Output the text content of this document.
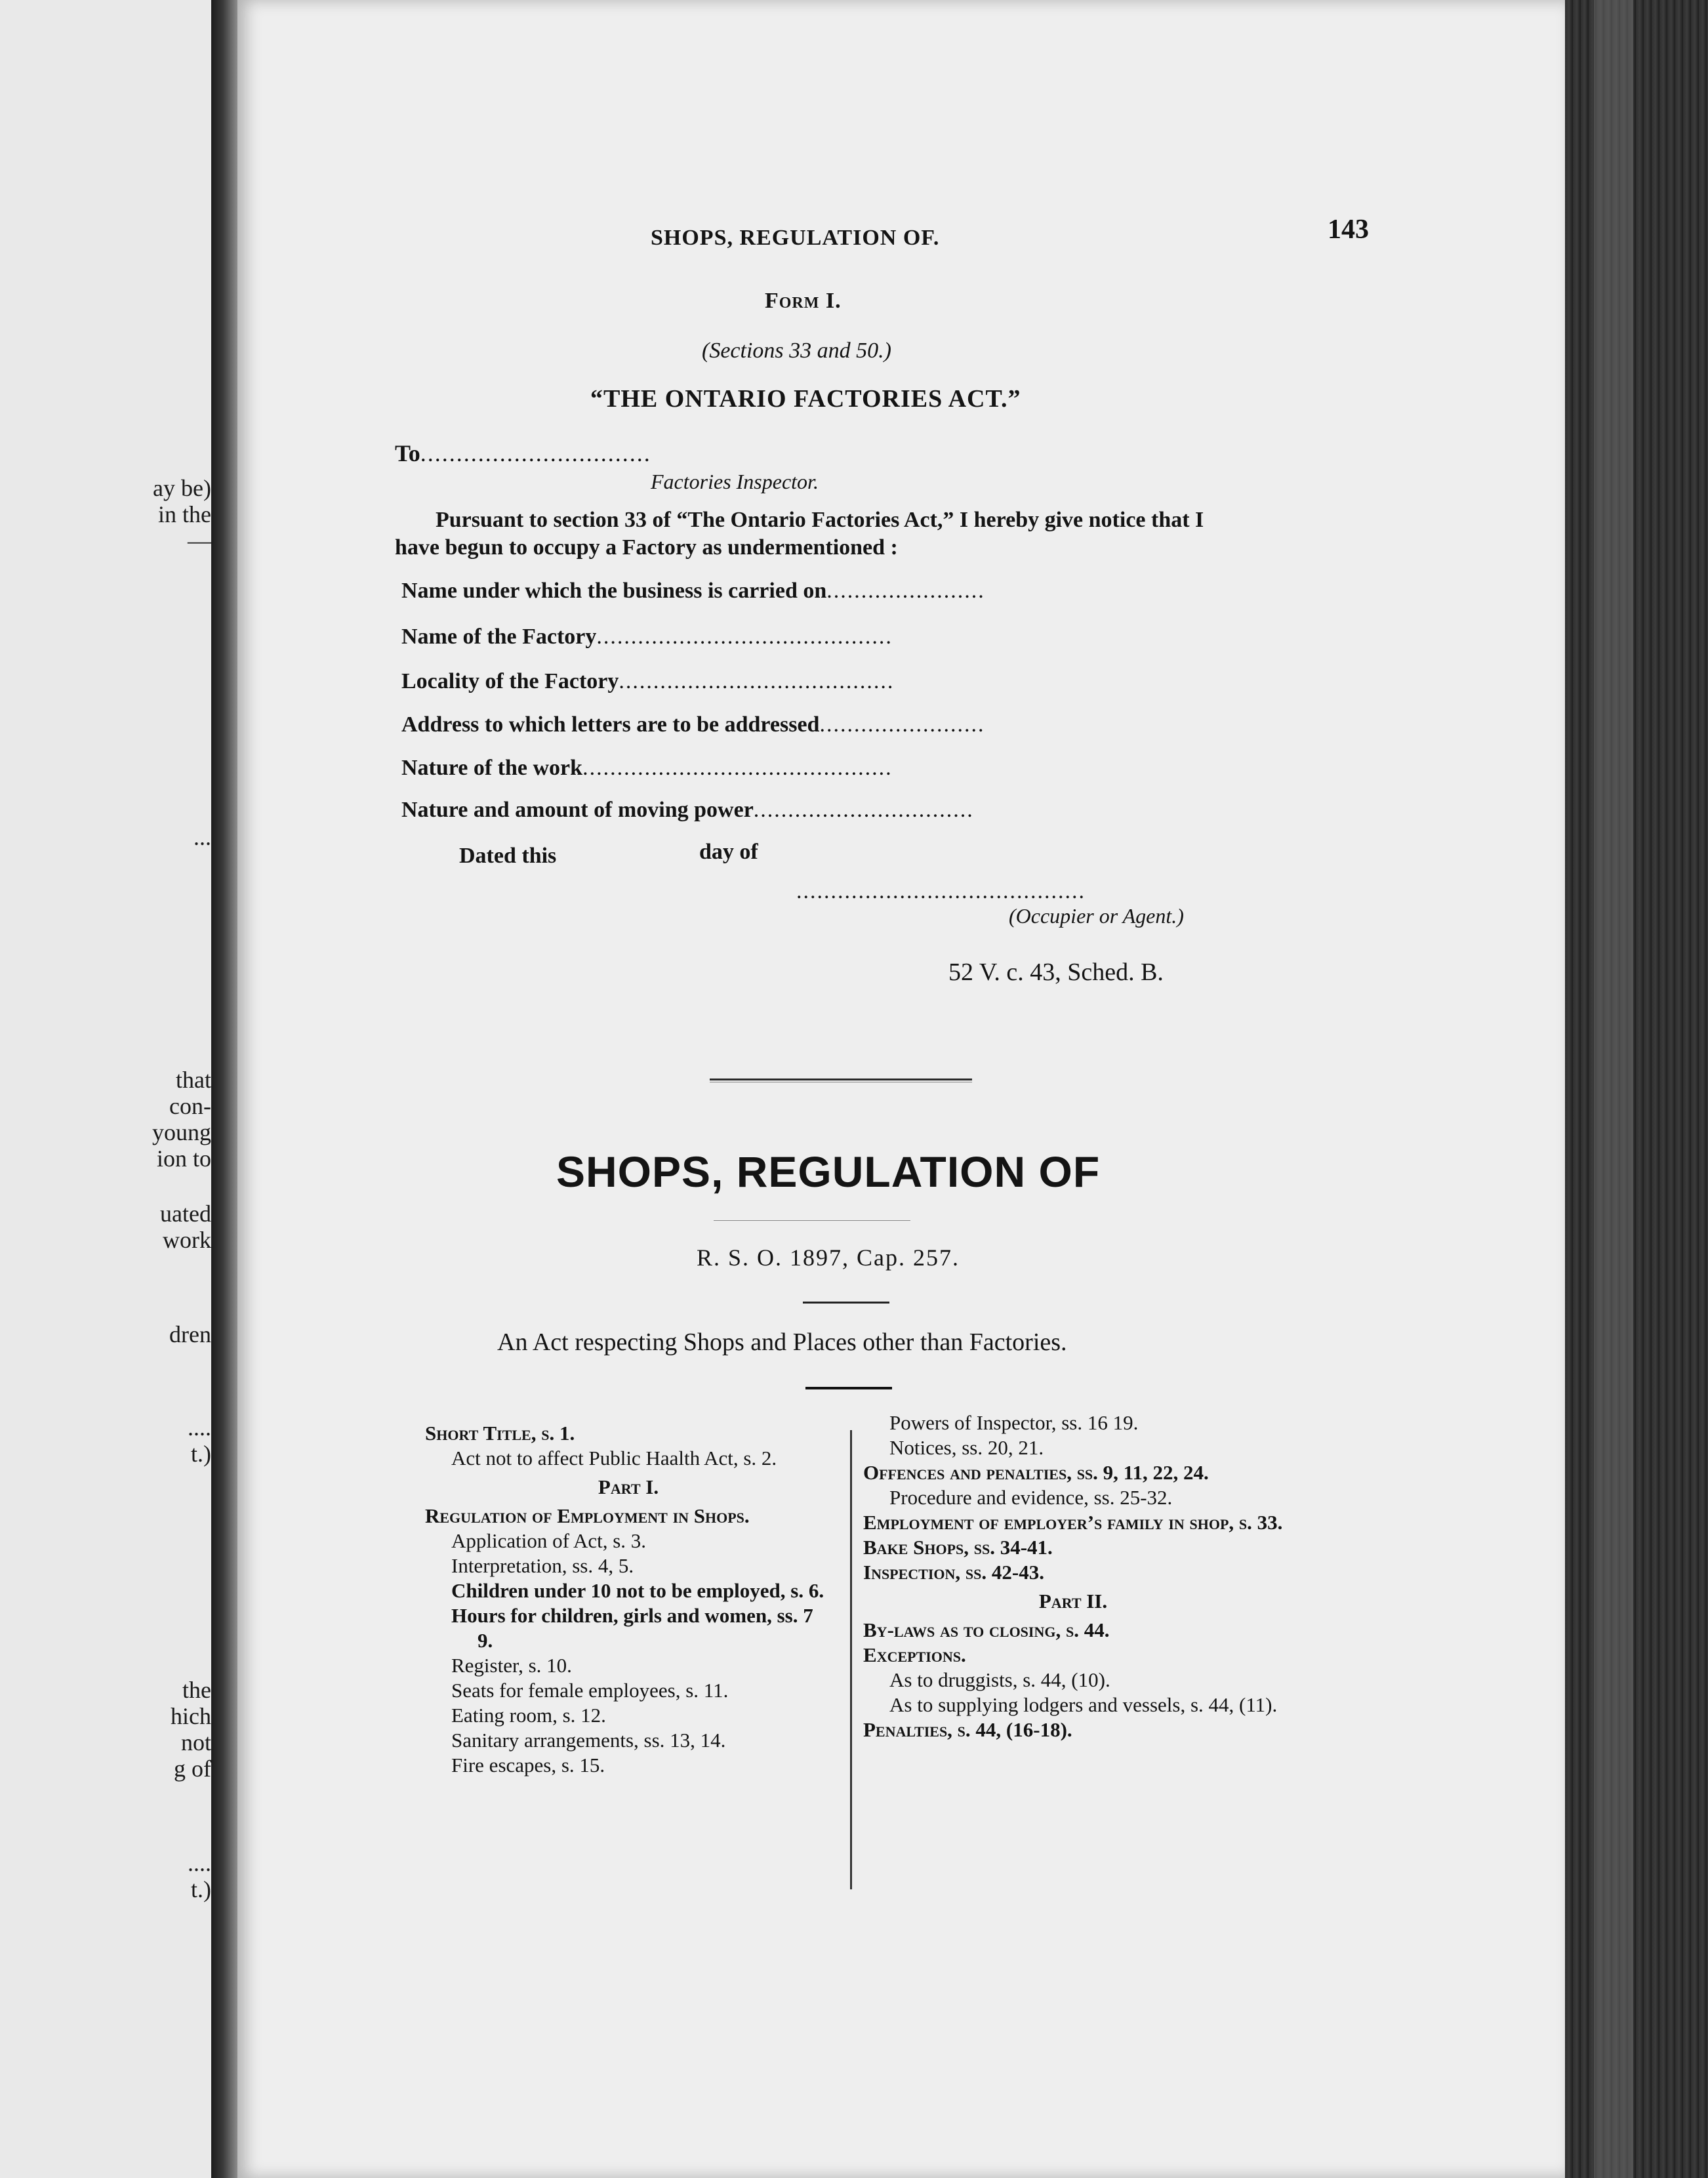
ay be)

in the

—

...

that

con-

young

ion to

uated

work

dren

....

t.)

the

hich

not

g of

....

t.)

SHOPS, REGULATION OF.	143

Form I.

(Sections 33 and 50.)

“THE ONTARIO FACTORIES ACT.”

To................................

Factories Inspector.

Pursuant to section 33 of “The Ontario Factories Act,” I hereby give notice that I have begun to occupy a Factory as undermentioned :

Name under which the business is carried on.......................

Name of the Factory...........................................

Locality of the Factory........................................

Address to which letters are to be addressed........................

Nature of the work.............................................

Nature and amount of moving power................................

Dated this	day of

..........................................

(Occupier or Agent.)

52 V. c. 43, Sched. B.

SHOPS, REGULATION OF

R. S. O. 1897, Cap. 257.

An Act respecting Shops and Places other than Factories.

Short Title, s. 1.
Act not to affect Public Haalth Act, s. 2.
Part I.
Regulation of Employment in Shops.
Application of Act, s. 3.
Interpretation, ss. 4, 5.
Children under 10 not to be employed, s. 6.
Hours for children, girls and women, ss. 7 9.
Register, s. 10.
Seats for female employees, s. 11.
Eating room, s. 12.
Sanitary arrangements, ss. 13, 14.
Fire escapes, s. 15.
Powers of Inspector, ss. 16 19.
Notices, ss. 20, 21.
Offences and penalties, ss. 9, 11, 22, 24.
Procedure and evidence, ss. 25-32.
Employment of employer’s family in shop, s. 33.
Bake Shops, ss. 34-41.
Inspection, ss. 42-43.
Part II.
By-laws as to closing, s. 44.
Exceptions.
As to druggists, s. 44, (10).
As to supplying lodgers and vessels, s. 44, (11).
Penalties, s. 44, (16-18).
